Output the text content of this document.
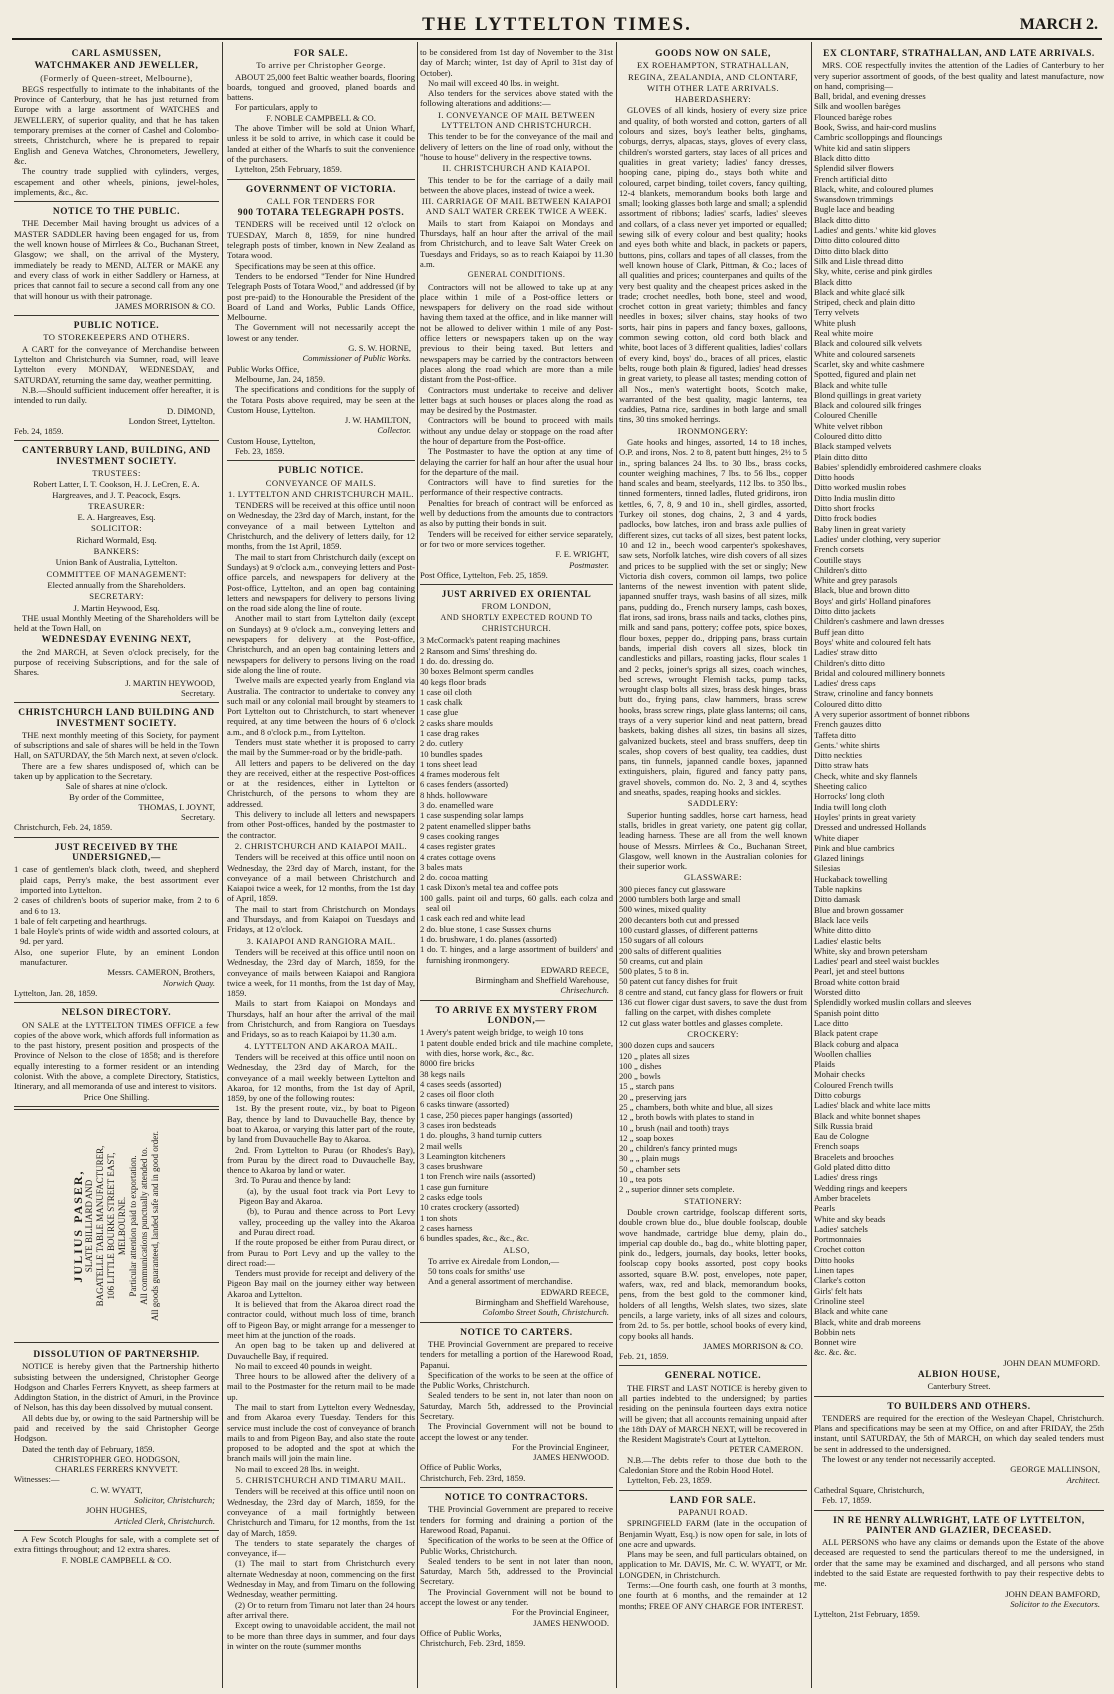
THE LYTTELTON TIMES.	MARCH 2.
CARL ASMUSSEN,
WATCHMAKER AND JEWELLER,
(Formerly of Queen-street, Melbourne),

BEGS respectfully to intimate to the inhabitants of the Province of Canterbury, that he has just returned from Europe with a large assortment of WATCHES and JEWELLERY, of superior quality, and that he has taken temporary premises at the corner of Cashel and Colombo-streets, Christchurch, where he is prepared to repair English and Geneva Watches, Chronometers, Jewellery, &c.

The country trade supplied with cylinders, verges, escapement and other wheels, pinions, jewel-holes, implements, &c., &c.

NOTICE TO THE PUBLIC.

THE December Mail having brought us advices of a MASTER SADDLER having been engaged for us, from the well known house of Mirrlees & Co., Buchanan Street, Glasgow; we shall, on the arrival of the Mystery, immediately be ready to MEND, ALTER or MAKE any and every class of work in either Saddlery or Harness, at prices that cannot fail to secure a second call from any one that will honour us with their patronage.

JAMES MORRISON & CO.
PUBLIC NOTICE.
TO STOREKEEPERS AND OTHERS.

A CART for the conveyance of Merchandise between Lyttelton and Christchurch via Sumner, road, will leave Lyttelton every MONDAY, WEDNESDAY, and SATURDAY, returning the same day, weather permitting.

N.B.—Should sufficient inducement offer hereafter, it is intended to run daily.

D. DIMOND,
London Street, Lyttelton.

Feb. 24, 1859.

CANTERBURY LAND, BUILDING, AND INVESTMENT SOCIETY.
TRUSTEES:
Robert Latter, I. T. Cookson, H. J. LeCren, E. A. Hargreaves, and J. T. Peacock, Esqrs.
TREASURER:
E. A. Hargreaves, Esq.
SOLICITOR:
Richard Wormald, Esq.
BANKERS:
Union Bank of Australia, Lyttelton.
COMMITTEE OF MANAGEMENT:
Elected annually from the Shareholders.
SECRETARY:
J. Martin Heywood, Esq.

THE usual Monthly Meeting of the Shareholders will be held at the Town Hall, on

WEDNESDAY EVENING NEXT,

the 2nd MARCH, at Seven o'clock precisely, for the purpose of receiving Subscriptions, and for the sale of Shares.

J. MARTIN HEYWOOD,
Secretary.
CHRISTCHURCH LAND BUILDING AND INVESTMENT SOCIETY.

THE next monthly meeting of this Society, for payment of subscriptions and sale of shares will be held in the Town Hall, on SATURDAY, the 5th March next, at seven o'clock.

There are a few shares undisposed of, which can be taken up by application to the Secretary.

Sale of shares at nine o'clock.
By order of the Committee,
THOMAS, I. JOYNT,
Secretary.

Christchurch, Feb. 24, 1859.

JUST RECEIVED BY THE UNDERSIGNED,—
1 case of gentlemen's black cloth, tweed, and shepherd plaid caps, Perry's make, the best assortment ever imported into Lyttelton.
2 cases of children's boots of superior make, from 2 to 6 and 6 to 13.
1 bale of felt carpeting and hearthrugs.
1 bale Hoyle's prints of wide width and assorted colours, at 9d. per yard.
Also, one superior Flute, by an eminent London manufacturer.
Messrs. CAMERON, Brothers,
Norwich Quay.

Lyttelton, Jan. 28, 1859.

NELSON DIRECTORY.

ON SALE at the LYTTELTON TIMES OFFICE a few copies of the above work, which affords full information as to the past history, present position and prospects of the Province of Nelson to the close of 1858; and is therefore equally interesting to a former resident or an intending colonist. With the above, a complete Directory, Statistics, Itinerary, and all memoranda of use and interest to visitors.

Price One Shilling.
JULIUS PASER, SLATE BILLIARD AND BAGATELLE TABLE MANUFACTURER, 106 LITTLE BOURKE STREET EAST, MELBOURNE. Particular attention paid to exportation. All communications punctually attended to. All goods guaranteed, landed safe and in good order.
DISSOLUTION OF PARTNERSHIP.

NOTICE is hereby given that the Partnership hitherto subsisting between the undersigned, Christopher George Hodgson and Charles Ferrers Knyvett, as sheep farmers at Addington Station, in the district of Amuri, in the Province of Nelson, has this day been dissolved by mutual consent.

All debts due by, or owing to the said Partnership will be paid and received by the said Christopher George Hodgson.

Dated the tenth day of February, 1859.

CHRISTOPHER GEO. HODGSON,
CHARLES FERRERS KNYVETT.

Witnesses:—

C. W. WYATT,
Solicitor, Christchurch;
JOHN HUGHES,
Articled Clerk, Christchurch.

A Few Scotch Ploughs for sale, with a complete set of extra fittings throughout; and 12 extra shares.

F. NOBLE CAMPBELL & CO.
FOR SALE.
To arrive per Christopher George.

ABOUT 25,000 feet Baltic weather boards, flooring boards, tongued and grooved, planed boards and battens.

For particulars, apply to

F. NOBLE CAMPBELL & CO.

The above Timber will be sold at Union Wharf, unless it be sold to arrive, in which case it could be landed at either of the Wharfs to suit the convenience of the purchasers.

Lyttelton, 25th February, 1859.

GOVERNMENT OF VICTORIA.
CALL FOR TENDERS FOR
900 TOTARA TELEGRAPH POSTS.

TENDERS will be received until 12 o'clock on TUESDAY, March 8, 1859, for nine hundred telegraph posts of timber, known in New Zealand as Totara wood.

Specifications may be seen at this office.

Tenders to be endorsed "Tender for Nine Hundred Telegraph Posts of Totara Wood," and addressed (if by post pre-paid) to the Honourable the President of the Board of Land and Works, Public Lands Office, Melbourne.

The Government will not necessarily accept the lowest or any tender.

G. S. W. HORNE,
Commissioner of Public Works.

Public Works Office,

Melbourne, Jan. 24, 1859.

The specifications and conditions for the supply of the Totara Posts above required, may be seen at the Custom House, Lyttelton.

J. W. HAMILTON,
Collector.

Custom House, Lyttelton,

Feb. 23, 1859.

PUBLIC NOTICE.
CONVEYANCE OF MAILS.
1. LYTTELTON AND CHRISTCHURCH MAIL.

TENDERS will be received at this office until noon on Wednesday, the 23rd day of March, instant, for the conveyance of a mail between Lyttelton and Christchurch, and the delivery of letters daily, for 12 months, from the 1st April, 1859.

The mail to start from Christchurch daily (except on Sundays) at 9 o'clock a.m., conveying letters and Post-office parcels, and newspapers for delivery at the Post-office, Lyttelton, and an open bag containing letters and newspapers for delivery to persons living on the road side along the line of route.

Another mail to start from Lyttelton daily (except on Sundays) at 9 o'clock a.m., conveying letters and newspapers for delivery at the Post-office, Christchurch, and an open bag containing letters and newspapers for delivery to persons living on the road side along the line of route.

Twelve mails are expected yearly from England via Australia. The contractor to undertake to convey any such mail or any colonial mail brought by steamers to Port Lyttelton out to Christchurch, to start whenever required, at any time between the hours of 6 o'clock a.m., and 8 o'clock p.m., from Lyttelton.

Tenders must state whether it is proposed to carry the mail by the Summer-road or by the bridle-path.

All letters and papers to be delivered on the day they are received, either at the respective Post-offices or at the residences, either in Lyttelton or Christchurch, of the persons to whom they are addressed.

This delivery to include all letters and newspapers from other Post-offices, handed by the postmaster to the contractor.

2. CHRISTCHURCH AND KAIAPOI MAIL.

Tenders will be received at this office until noon on Wednesday, the 23rd day of March, instant, for the conveyance of a mail between Christchurch and Kaiapoi twice a week, for 12 months, from the 1st day of April, 1859.

The mail to start from Christchurch on Mondays and Thursdays, and from Kaiapoi on Tuesdays and Fridays, at 12 o'clock.

3. KAIAPOI AND RANGIORA MAIL.

Tenders will be received at this office until noon on Wednesday, the 23rd day of March, 1859, for the conveyance of mails between Kaiapoi and Rangiora twice a week, for 11 months, from the 1st day of May, 1859.

Mails to start from Kaiapoi on Mondays and Thursdays, half an hour after the arrival of the mail from Christchurch, and from Rangiora on Tuesdays and Fridays, so as to reach Kaiapoi by 11.30 a.m.

4. LYTTELTON AND AKAROA MAIL.

Tenders will be received at this office until noon on Wednesday, the 23rd day of March, for the conveyance of a mail weekly between Lyttelton and Akaroa, for 12 months, from the 1st day of April, 1859, by one of the following routes:

1st. By the present route, viz., by boat to Pigeon Bay, thence by land to Duvauchelle Bay, thence by boat to Akaroa, or varying this latter part of the route, by land from Duvauchelle Bay to Akaroa.

2nd. From Lyttelton to Purau (or Rhodes's Bay), from Purau by the direct road to Duvauchelle Bay, thence to Akaroa by land or water.

3rd. To Purau and thence by land:

(a), by the usual foot track via Port Levy to Pigeon Bay and Akaroa.

(b), to Purau and thence across to Port Levy valley, proceeding up the valley into the Akaroa and Purau direct road.

If the route proposed be either from Purau direct, or from Purau to Port Levy and up the valley to the direct road:—

Tenders must provide for receipt and delivery of the Pigeon Bay mail on the journey either way between Akaroa and Lyttelton.

It is believed that from the Akaroa direct road the contractor could, without much loss of time, branch off to Pigeon Bay, or might arrange for a messenger to meet him at the junction of the roads.

An open bag to be taken up and delivered at Duvauchelle Bay, if required.

No mail to exceed 40 pounds in weight.

Three hours to be allowed after the delivery of a mail to the Postmaster for the return mail to be made up.

The mail to start from Lyttelton every Wednesday, and from Akaroa every Tuesday. Tenders for this service must include the cost of conveyance of branch mails to and from Pigeon Bay, and also state the route proposed to be adopted and the spot at which the branch mails will join the main line.

No mail to exceed 28 lbs. in weight.

5. CHRISTCHURCH AND TIMARU MAIL.

Tenders will be received at this office until noon on Wednesday, the 23rd day of March, 1859, for the conveyance of a mail fortnightly between Christchurch and Timaru, for 12 months, from the 1st day of March, 1859.

The tenders to state separately the charges of conveyance, if—

(1) The mail to start from Christchurch every alternate Wednesday at noon, commencing on the first Wednesday in May, and from Timaru on the following Wednesday, weather permitting.

(2) Or to return from Timaru not later than 24 hours after arrival there.

Except owing to unavoidable accident, the mail not to be more than three days in summer, and four days in winter on the route (summer months

to be considered from 1st day of November to the 31st day of March; winter, 1st day of April to 31st day of October).

No mail will exceed 40 lbs. in weight.

Also tenders for the services above stated with the following alterations and additions:—

I. CONVEYANCE OF MAIL BETWEEN LYTTELTON AND CHRISTCHURCH.

This tender to be for the conveyance of the mail and delivery of letters on the line of road only, without the "house to house" delivery in the respective towns.

II. CHRISTCHURCH AND KAIAPOI.

This tender to be for the carriage of a daily mail between the above places, instead of twice a week.

III. CARRIAGE OF MAIL BETWEEN KAIAPOI AND SALT WATER CREEK TWICE A WEEK.

Mails to start from Kaiapoi on Mondays and Thursdays, half an hour after the arrival of the mail from Christchurch, and to leave Salt Water Creek on Tuesdays and Fridays, so as to reach Kaiapoi by 11.30 a.m.

GENERAL CONDITIONS.

Contractors will not be allowed to take up at any place within 1 mile of a Post-office letters or newspapers for delivery on the road side without having them taxed at the office, and in like manner will not be allowed to deliver within 1 mile of any Post-office letters or newspapers taken up on the way previous to their being taxed. But letters and newspapers may be carried by the contractors between places along the road which are more than a mile distant from the Post-office.

Contractors must undertake to receive and deliver letter bags at such houses or places along the road as may be desired by the Postmaster.

Contractors will be bound to proceed with mails without any undue delay or stoppage on the road after the hour of departure from the Post-office.

The Postmaster to have the option at any time of delaying the carrier for half an hour after the usual hour for the departure of the mail.

Contractors will have to find sureties for the performance of their respective contracts.

Penalties for breach of contract will be enforced as well by deductions from the amounts due to contractors as also by putting their bonds in suit.

Tenders will be received for either service separately, or for two or more services together.

F. E. WRIGHT,
Postmaster.

Post Office, Lyttelton, Feb. 25, 1859.

JUST ARRIVED EX ORIENTAL
FROM LONDON,
AND SHORTLY EXPECTED ROUND TO
CHRISTCHURCH.
3 McCormack's patent reaping machines
2 Ransom and Sims' threshing do.
1 do. do. dressing do.
30 boxes Belmont sperm candles
40 kegs floor brads
1 case oil cloth
1 cask chalk
1 case glue
2 casks share moulds
1 case drag rakes
2 do. cutlery
10 bundles spades
1 tons sheet lead
4 frames moderous felt
6 cases fenders (assorted)
8 hhds. hollowware
3 do. enamelled ware
1 case suspending solar lamps
2 patent enamelled slipper baths
9 cases cooking ranges
4 cases register grates
4 crates cottage ovens
3 bales mats
2 do. cocoa matting
1 cask Dixon's metal tea and coffee pots
100 galls. paint oil and turps, 60 galls. each colza and seal oil
1 cask each red and white lead
2 do. blue stone, 1 case Sussex churns
1 do. brushware, 1 do. planes (assorted)
1 do. T. hinges, and a large assortment of builders' and furnishing ironmongery.
EDWARD REECE,
Birmingham and Sheffield Warehouse,
Chrisechurch.
TO ARRIVE EX MYSTERY FROM LONDON,—
1 Avery's patent weigh bridge, to weigh 10 tons
1 patent double ended brick and tile machine complete, with dies, horse work, &c., &c.
8000 fire bricks
38 kegs nails
4 cases seeds (assorted)
2 cases oil floor cloth
6 casks tinware (assorted)
1 case, 250 pieces paper hangings (assorted)
3 cases iron bedsteads
1 do. ploughs, 3 hand turnip cutters
2 mail wells
3 Leamington kitcheners
3 cases brushware
1 ton French wire nails (assorted)
1 case gun furniture
2 casks edge tools
10 crates crockery (assorted)
1 ton shots
2 cases harness
6 bundles spades, &c., &c., &c.
ALSO,

To arrive ex Airedale from London,—

50 tons coals for smiths' use

And a general assortment of merchandise.

EDWARD REECE,
Birmingham and Sheffield Warehouse,
Colombo Street South, Christchurch.
NOTICE TO CARTERS.

THE Provincial Government are prepared to receive tenders for metalling a portion of the Harewood Road, Papanui.

Specification of the works to be seen at the office of the Public Works, Christchurch.

Sealed tenders to be sent in, not later than noon on Saturday, March 5th, addressed to the Provincial Secretary.

The Provincial Government will not be bound to accept the lowest or any tender.

For the Provincial Engineer,
JAMES HENWOOD.

Office of Public Works,

Christchurch, Feb. 23rd, 1859.

NOTICE TO CONTRACTORS.

THE Provincial Government are prepared to receive tenders for forming and draining a portion of the Harewood Road, Papanui.

Specification of the works to be seen at the Office of Public Works, Christchurch.

Sealed tenders to be sent in not later than noon, Saturday, March 5th, addressed to the Provincial Secretary.

The Provincial Government will not be bound to accept the lowest or any tender.

For the Provincial Engineer,
JAMES HENWOOD.

Office of Public Works,

Christchurch, Feb. 23rd, 1859.

GOODS NOW ON SALE,
EX ROEHAMPTON, STRATHALLAN,
REGINA, ZEALANDIA, AND CLONTARF,
WITH OTHER LATE ARRIVALS.
HABERDASHERY:

GLOVES of all kinds, hosiery of every size price and quality, of both worsted and cotton, garters of all colours and sizes, boy's leather belts, ginghams, coburgs, derrys, alpacas, stays, gloves of every class, children's worsted garters, stay laces of all prices and qualities in great variety; ladies' fancy dresses, hooping cane, piping do., stays both white and coloured, carpet binding, toilet covers, fancy quilting, 12-4 blankets, memorandum books both large and small; looking glasses both large and small; a splendid assortment of ribbons; ladies' scarfs, ladies' sleeves and collars, of a class never yet imported or equalled; sewing silk of every colour and best quality; hooks and eyes both white and black, in packets or papers, buttons, pins, collars and tapes of all classes, from the well known house of Clark, Pittman, & Co.; laces of all qualities and prices; counterpanes and quilts of the very best quality and the cheapest prices asked in the trade; crochet needles, both bone, steel and wood, crochet cotton in great variety; thimbles and fancy needles in boxes; silver chains, stay hooks of two sorts, hair pins in papers and fancy boxes, galloons, common sewing cotton, old cord both black and white, boot laces of 3 different qualities, ladies' collars of every kind, boys' do., braces of all prices, elastic belts, rouge both plain & figured, ladies' head dresses in great variety, to please all tastes; mending cotton of all Nos., men's watertight boots, Scotch make, warranted of the best quality, magic lanterns, tea caddies, Patna rice, sardines in both large and small tins, 30 tins smoked herrings.

IRONMONGERY:

Gate hooks and hinges, assorted, 14 to 18 inches, O.P. and irons, Nos. 2 to 8, patent butt hinges, 2½ to 5 in., spring balances 24 lbs. to 30 lbs., brass cocks, counter weighing machines, 7 lbs. to 56 lbs., copper hand scales and beam, steelyards, 112 lbs. to 350 lbs., tinned formenters, tinned ladles, fluted gridirons, iron kettles, 6, 7, 8, 9 and 10 in., shell girdles, assorted, Turkey oil stones, dog chains, 2, 3 and 4 yards, padlocks, bow latches, iron and brass axle pullies of different sizes, cut tacks of all sizes, best patent locks, 10 and 12 in., beech wood carpenter's spokeshaves, saw sets, Norfolk latches, wire dish covers of all sizes and prices to be supplied with the set or singly; New Victoria dish covers, common oil lamps, two police lanterns of the newest invention with patent slide, japanned snuffer trays, wash basins of all sizes, milk pans, pudding do., French nursery lamps, cash boxes, flat irons, sad irons, brass nails and tacks, clothes pins, milk and sand pans, pottery; coffee pots, spice boxes, flour boxes, pepper do., dripping pans, brass curtain bands, imperial dish covers all sizes, block tin candlesticks and pillars, roasting jacks, flour scales 1 and 2 pecks, joiner's sprigs all sizes, coach winches, bed screws, wrought Flemish tacks, pump tacks, wrought clasp bolts all sizes, brass desk hinges, brass butt do., frying pans, claw hammers, brass screw hooks, brass screw rings, plate glass lanterns; oil cans, trays of a very superior kind and neat pattern, bread baskets, baking dishes all sizes, tin basins all sizes, galvanized buckets, steel and brass snuffers, deep tin scales, shop covers of best quality, tea caddies, dust pans, tin funnels, japanned candle boxes, japanned extinguishers, plain, figured and fancy patty pans, gravel shovels, common do. No. 2, 3 and 4, scythes and sneaths, spades, reaping hooks and sickles.

SADDLERY:

Superior hunting saddles, horse cart harness, head stalls, bridles in great variety, one patent gig collar, leading harness. These are all from the well known house of Messrs. Mirrlees & Co., Buchanan Street, Glasgow, well known in the Australian colonies for their superior work.

GLASSWARE:
300 pieces fancy cut glassware
2000 tumblers both large and small
500 wines, mixed quality
200 decanters both cut and pressed
100 custard glasses, of different patterns
150 sugars of all colours
200 salts of different qualities
50 creams, cut and plain
500 plates, 5 to 8 in.
50 patent cut fancy dishes for fruit
8 centre and stand, cut fancy glass for flowers or fruit
136 cut flower cigar dust savers, to save the dust from falling on the carpet, with dishes complete
12 cut glass water bottles and glasses complete.
CROCKERY:
300 dozen cups and saucers
120 „ plates all sizes
100 „ dishes
200 „ bowls
15 „ starch pans
20 „ preserving jars
25 „ chambers, both white and blue, all sizes
12 „ broth bowls with plates to stand in
10 „ brush (nail and tooth) trays
12 „ soap boxes
20 „ children's fancy printed mugs
30 „ „ plain mugs
50 „ chamber sets
10 „ tea pots
2 „ superior dinner sets complete.
STATIONERY:

Double crown cartridge, foolscap different sorts, double crown blue do., blue double foolscap, double wove handmade, cartridge blue demy, plain do., imperial cap double do., bag do., white blotting paper, pink do., ledgers, journals, day books, letter books, foolscap copy books assorted, post copy books assorted, square B.W. post, envelopes, note paper, wafers, wax, red and black, memorandum books, pens, from the best gold to the commoner kind, holders of all lengths, Welsh slates, two sizes, slate pencils, a large variety, inks of all sizes and colours, from 2d. to 5s. per bottle, school books of every kind, copy books all hands.

JAMES MORRISON & CO.

Feb. 21, 1859.

GENERAL NOTICE.

THE FIRST and LAST NOTICE is hereby given to all parties indebted to the undersigned; by parties residing on the peninsula fourteen days extra notice will be given; that all accounts remaining unpaid after the 18th DAY of MARCH NEXT, will be recovered in the Resident Magistrate's Court at Lyttelton.

PETER CAMERON.

N.B.—The debts refer to those due both to the Caledonian Store and the Robin Hood Hotel.

Lyttelton, Feb. 23, 1859.

LAND FOR SALE.
PAPANUI ROAD.

SPRINGFIELD FARM (late in the occupation of Benjamin Wyatt, Esq.) is now open for sale, in lots of one acre and upwards.

Plans may be seen, and full particulars obtained, on application to Mr. DAVIS, Mr. C. W. WYATT, or Mr. LONGDEN, in Christchurch.

Terms:—One fourth cash, one fourth at 3 months, one fourth at 6 months, and the remainder at 12 months; FREE OF ANY CHARGE FOR INTEREST.

EX CLONTARF, STRATHALLAN, AND LATE ARRIVALS.

MRS. COE respectfully invites the attention of the Ladies of Canterbury to her very superior assortment of goods, of the best quality and latest manufacture, now on hand, comprising—

Ball, bridal, and evening dresses
Silk and woollen barèges
Flounced barège robes
Book, Swiss, and hair-cord muslins
Cambric scolloppings and flouncings
White kid and satin slippers
Black ditto ditto
Splendid silver flowers
French artificial ditto
Black, white, and coloured plumes
Swansdown trimmings
Bugle lace and beading
Black ditto ditto
Ladies' and gents.' white kid gloves
Ditto ditto coloured ditto
Ditto ditto black ditto
Silk and Lisle thread ditto
Sky, white, cerise and pink girdles
Black ditto
Black and white glacé silk
Striped, check and plain ditto
Terry velvets
White plush
Real white moire
Black and coloured silk velvets
White and coloured sarsenets
Scarlet, sky and white cashmere
Spotted, figured and plain net
Black and white tulle
Blond quillings in great variety
Black and coloured silk fringes
Coloured Chenille
White velvet ribbon
Coloured ditto ditto
Black stamped velvets
Plain ditto ditto
Babies' splendidly embroidered cashmere cloaks
Ditto hoods
Ditto worked muslin robes
Ditto India muslin ditto
Ditto short frocks
Ditto frock bodies
Baby linen in great variety
Ladies' under clothing, very superior
French corsets
Coutille stays
Children's ditto
White and grey parasols
Black, blue and brown ditto
Boys' and girls' Holland pinafores
Ditto ditto jackets
Children's cashmere and lawn dresses
Buff jean ditto
Boys' white and coloured felt hats
Ladies' straw ditto
Children's ditto ditto
Bridal and coloured millinery bonnets
Ladies' dress caps
Straw, crinoline and fancy bonnets
Coloured ditto ditto
A very superior assortment of bonnet ribbons
French gauzes ditto
Taffeta ditto
Gents.' white shirts
Ditto neckties
Ditto straw hats
Check, white and sky flannels
Sheeting calico
Horrocks' long cloth
India twill long cloth
Hoyles' prints in great variety
Dressed and undressed Hollands
White diaper
Pink and blue cambrics
Glazed linings
Silesias
Huckaback towelling
Table napkins
Ditto damask
Blue and brown gossamer
Black lace veils
White ditto ditto
Ladies' elastic belts
White, sky and brown petersham
Ladies' pearl and steel waist buckles
Pearl, jet and steel buttons
Broad white cotton braid
Worsted ditto
Splendidly worked muslin collars and sleeves
Spanish point ditto
Lace ditto
Black patent crape
Black coburg and alpaca
Woollen challies
Plaids
Mohair checks
Coloured French twills
Ditto coburgs
Ladies' black and white lace mitts
Black and white bonnet shapes
Silk Russia braid
Eau de Cologne
French soaps
Bracelets and brooches
Gold plated ditto ditto
Ladies' dress rings
Wedding rings and keepers
Amber bracelets
Pearls
White and sky beads
Ladies' satchels
Portmonnaies
Crochet cotton
Ditto hooks
Linen tapes
Clarke's cotton
Girls' felt hats
Crinoline steel
Black and white cane
Black, white and drab moreens
Bobbin nets
Bonnet wire
&c. &c. &c.
JOHN DEAN MUMFORD.
ALBION HOUSE,
Canterbury Street.
TO BUILDERS AND OTHERS.

TENDERS are required for the erection of the Wesleyan Chapel, Christchurch. Plans and specifications may be seen at my Office, on and after FRIDAY, the 25th instant, until SATURDAY, the 5th of MARCH, on which day sealed tenders must be sent in addressed to the undersigned.

The lowest or any tender not necessarily accepted.

GEORGE MALLINSON,
Architect.

Cathedral Square, Christchurch,

Feb. 17, 1859.

IN RE HENRY ALLWRIGHT, LATE OF LYTTELTON, PAINTER AND GLAZIER, DECEASED.

ALL PERSONS who have any claims or demands upon the Estate of the above deceased are requested to send the particulars thereof to me the undersigned, in order that the same may be examined and discharged, and all persons who stand indebted to the said Estate are requested forthwith to pay their respective debts to me.

JOHN DEAN BAMFORD,
Solicitor to the Executors.

Lyttelton, 21st February, 1859.
